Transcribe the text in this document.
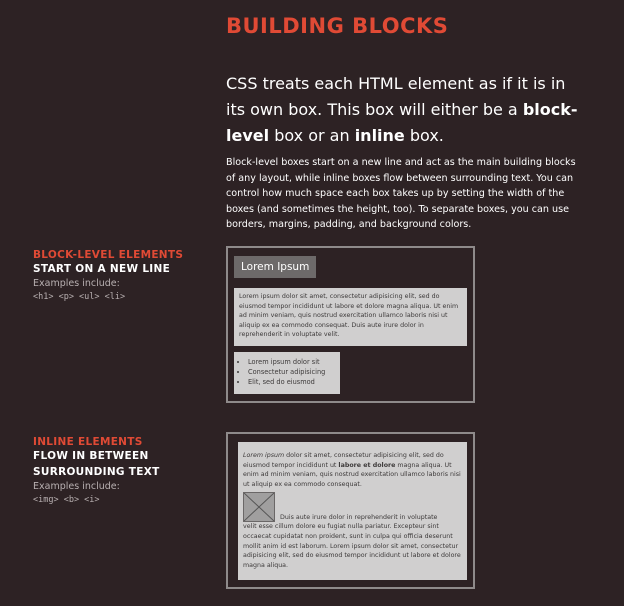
BUILDING BLOCKS
CSS treats each HTML element as if it is in its own box. This box will either be a block-level box or an inline box.
Block-level boxes start on a new line and act as the main building blocks of any layout, while inline boxes flow between surrounding text. You can control how much space each box takes up by setting the width of the boxes (and sometimes the height, too). To separate boxes, you can use borders, margins, padding, and background colors.
BLOCK-LEVEL ELEMENTS
START ON A NEW LINE
Examples include:
<h1> <p> <ul> <li>
Lorem Ipsum
Lorem ipsum dolor sit amet, consectetur adipisicing elit, sed do eiusmod tempor incididunt ut labore et dolore magna aliqua. Ut enim ad minim veniam, quis nostrud exercitation ullamco laboris nisi ut aliquip ex ea commodo consequat. Duis aute irure dolor in reprehenderit in voluptate velit.
• Lorem ipsum dolor sit
• Consectetur adipisicing
• Elit, sed do eiusmod
INLINE ELEMENTS
FLOW IN BETWEEN
SURROUNDING TEXT
Examples include:
<img> <b> <i>
Lorem ipsum dolor sit amet, consectetur adipisicing elit, sed do eiusmod tempor incididunt ut labore et dolore magna aliqua. Ut enim ad minim veniam, quis nostrud exercitation ullamco laboris nisi ut aliquip ex ea commodo consequat.
Duis aute irure dolor in reprehenderit in voluptate
velit esse cillum dolore eu fugiat nulla pariatur. Excepteur sint occaecat cupidatat non proident, sunt in culpa qui officia deserunt mollit anim id est laborum. Lorem ipsum dolor sit amet, consectetur adipisicing elit, sed do eiusmod tempor incididunt ut labore et dolore magna aliqua.
